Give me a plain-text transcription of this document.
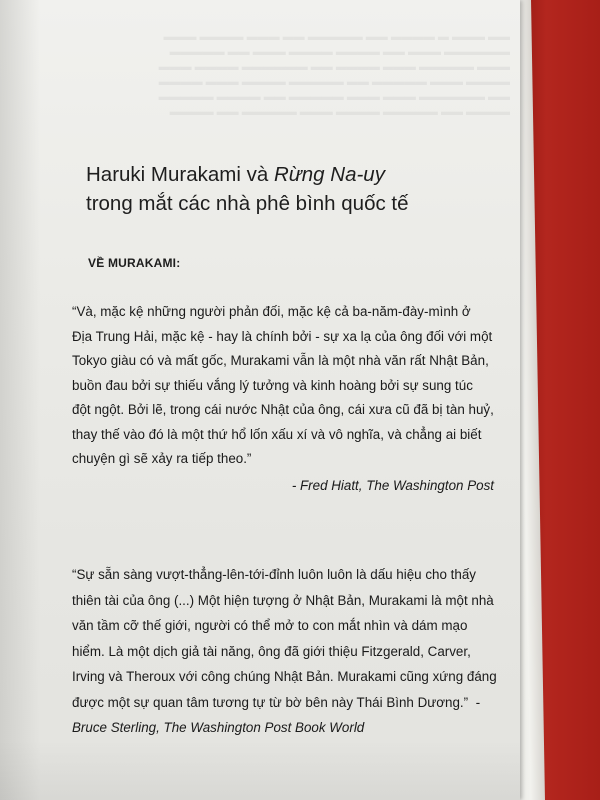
▬▬ ▬▬▬ ▬ ▬▬▬▬ ▬▬ ▬▬▬▬▬ ▬▬ ▬▬▬ ▬▬▬▬ ▬▬▬
▬▬▬▬▬▬ ▬▬▬ ▬▬ ▬▬▬▬ ▬▬▬▬ ▬▬▬ ▬▬ ▬▬▬▬▬
▬▬▬ ▬▬▬▬▬ ▬▬▬ ▬▬▬▬ ▬▬ ▬▬▬▬▬▬ ▬▬▬▬ ▬▬▬
▬▬▬▬ ▬▬▬ ▬▬▬▬▬ ▬▬ ▬▬▬▬▬ ▬▬▬▬ ▬▬▬ ▬▬▬▬
▬▬ ▬▬▬▬▬▬ ▬▬▬ ▬▬▬ ▬▬▬▬▬ ▬▬ ▬▬▬▬ ▬▬▬▬▬
▬▬▬▬ ▬▬ ▬▬▬▬▬ ▬▬▬▬ ▬▬▬ ▬▬▬▬▬ ▬▬ ▬▬▬▬
Haruki Murakami và Rừng Na-uy
trong mắt các nhà phê bình quốc tế
VỀ MURAKAMI:
“Và, mặc kệ những người phản đối, mặc kệ cả ba-năm-đày-mình ở Địa Trung Hải, mặc kệ - hay là chính bởi - sự xa lạ của ông đối với một Tokyo giàu có và mất gốc, Murakami vẫn là một nhà văn rất Nhật Bản, buồn đau bởi sự thiếu vắng lý tưởng và kinh hoàng bởi sự sung túc đột ngột. Bởi lẽ, trong cái nước Nhật của ông, cái xưa cũ đã bị tàn huỷ, thay thế vào đó là một thứ hổ lốn xấu xí và vô nghĩa, và chẳng ai biết chuyện gì sẽ xảy ra tiếp theo.”
- Fred Hiatt, The Washington Post
“Sự sẵn sàng vượt-thẳng-lên-tới-đỉnh luôn luôn là dấu hiệu cho thấy thiên tài của ông (...) Một hiện tượng ở Nhật Bản, Murakami là một nhà văn tầm cỡ thế giới, người có thể mở to con mắt nhìn và dám mạo hiểm. Là một dịch giả tài năng, ông đã giới thiệu Fitzgerald, Carver, Irving và Theroux với công chúng Nhật Bản. Murakami cũng xứng đáng được một sự quan tâm tương tự từ bờ bên này Thái Bình Dương.” - Bruce Sterling, The Washington Post Book World
